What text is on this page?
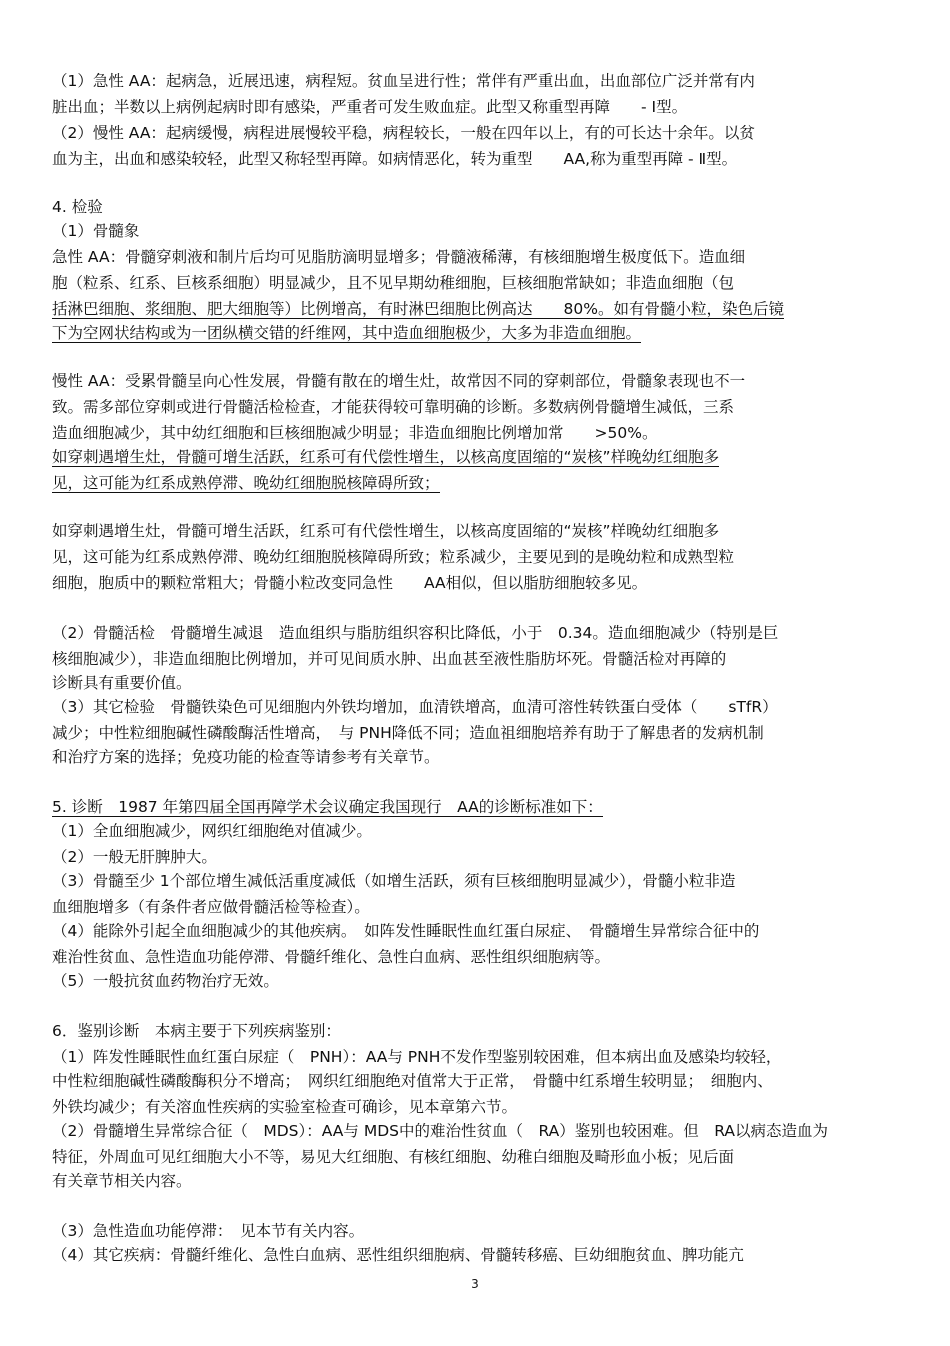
（1）急性 AA：起病急，近展迅速，病程短。贫血呈进行性；常伴有严重出血，出血部位广泛并常有内
脏出血；半数以上病例起病时即有感染，严重者可发生败血症。此型又称重型再障　　- Ⅰ型。
（2）慢性 AA：起病缓慢，病程进展慢较平稳，病程较长，一般在四年以上，有的可长达十余年。以贫
血为主，出血和感染较轻，此型又称轻型再障。如病情恶化，转为重型　　AA,称为重型再障 - Ⅱ型。
4. 检验
（1）骨髓象
急性 AA：骨髓穿刺液和制片后均可见脂肪滴明显增多；骨髓液稀薄，有核细胞增生极度低下。造血细
胞（粒系、红系、巨核系细胞）明显减少，且不见早期幼稚细胞，巨核细胞常缺如；非造血细胞（包
括淋巴细胞、浆细胞、肥大细胞等）比例增高，有时淋巴细胞比例高达　　80%。如有骨髓小粒，染色后镜
下为空网状结构或为一团纵横交错的纤维网，其中造血细胞极少，大多为非造血细胞。
慢性 AA：受累骨髓呈向心性发展，骨髓有散在的增生灶，故常因不同的穿刺部位，骨髓象表现也不一
致。需多部位穿刺或进行骨髓活检检查，才能获得较可靠明确的诊断。多数病例骨髓增生减低，三系
造血细胞减少，其中幼红细胞和巨核细胞减少明显；非造血细胞比例增加常　　>50%。
如穿刺遇增生灶，骨髓可增生活跃，红系可有代偿性增生，以核高度固缩的“炭核”样晚幼红细胞多
见，这可能为红系成熟停滞、晚幼红细胞脱核障碍所致；
如穿刺遇增生灶，骨髓可增生活跃，红系可有代偿性增生，以核高度固缩的“炭核”样晚幼红细胞多
见，这可能为红系成熟停滞、晚幼红细胞脱核障碍所致；粒系减少，主要见到的是晚幼粒和成熟型粒
细胞，胞质中的颗粒常粗大；骨髓小粒改变同急性　　AA相似，但以脂肪细胞较多见。
（2）骨髓活检　骨髓增生减退　造血组织与脂肪组织容积比降低，小于　0.34。造血细胞减少（特别是巨
核细胞减少），非造血细胞比例增加，并可见间质水肿、出血甚至液性脂肪坏死。骨髓活检对再障的
诊断具有重要价值。
（3）其它检验　骨髓铁染色可见细胞内外铁均增加，血清铁增高，血清可溶性转铁蛋白受体（　　sTfR）
减少；中性粒细胞碱性磷酸酶活性增高，　与 PNH降低不同；造血祖细胞培养有助于了解患者的发病机制
和治疗方案的选择；免疫功能的检查等请参考有关章节。
5. 诊断　1987 年第四届全国再障学术会议确定我国现行　AA的诊断标准如下：
（1）全血细胞减少，网织红细胞绝对值减少。
（2）一般无肝脾肿大。
（3）骨髓至少 1个部位增生减低活重度减低（如增生活跃，须有巨核细胞明显减少），骨髓小粒非造
血细胞增多（有条件者应做骨髓活检等检查）。
（4）能除外引起全血细胞减少的其他疾病。　如阵发性睡眠性血红蛋白尿症、　骨髓增生异常综合征中的
难治性贫血、急性造血功能停滞、骨髓纤维化、急性白血病、恶性组织细胞病等。
（5）一般抗贫血药物治疗无效。
6．鉴别诊断　本病主要于下列疾病鉴别：
（1）阵发性睡眠性血红蛋白尿症（　PNH）：AA与 PNH不发作型鉴别较困难，但本病出血及感染均较轻，
中性粒细胞碱性磷酸酶积分不增高；　网织红细胞绝对值常大于正常，　骨髓中红系增生较明显；　细胞内、
外铁均减少；有关溶血性疾病的实验室检查可确诊，见本章第六节。
（2）骨髓增生异常综合征（　MDS）：AA与 MDS中的难治性贫血（　RA）鉴别也较困难。但　RA以病态造血为
特征，外周血可见红细胞大小不等，易见大红细胞、有核红细胞、幼稚白细胞及畸形血小板；见后面
有关章节相关内容。
（3）急性造血功能停滞：　见本节有关内容。
（4）其它疾病：骨髓纤维化、急性白血病、恶性组织细胞病、骨髓转移癌、巨幼细胞贫血、脾功能亢
3
